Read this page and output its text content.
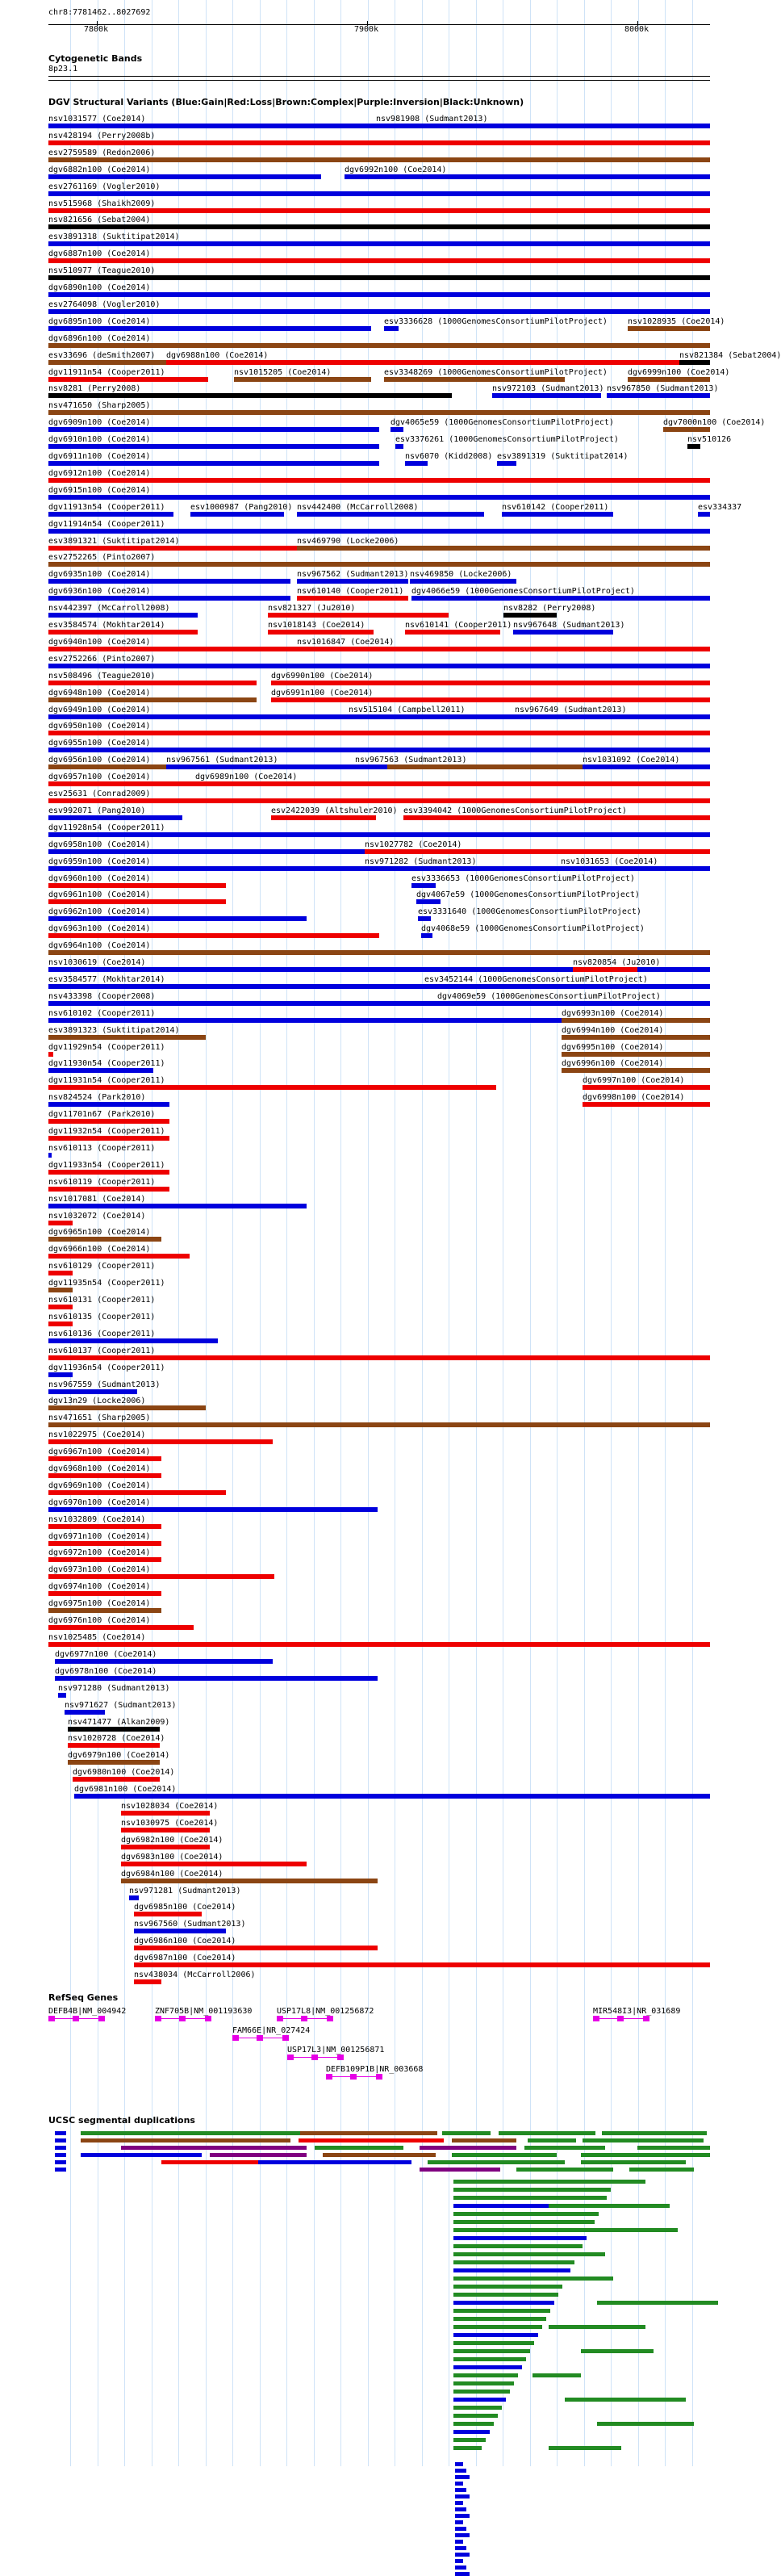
chr8:7781462..8027692
7800k	7900k	8000k
Cytogenetic Bands
8p23.1
DGV Structural Variants (Blue:Gain|Red:Loss|Brown:Complex|Purple:Inversion|Black:Unknown)
nsv1031577 (Coe2014)	nsv981908 (Sudmant2013)
nsv428194 (Perry2008b)
esv2759589 (Redon2006)
dgv6882n100 (Coe2014)	dgv6992n100 (Coe2014)
esv2761169 (Vogler2010)
nsv515968 (Shaikh2009)
nsv821656 (Sebat2004)
esv3891318 (Suktitipat2014)
dgv6887n100 (Coe2014)
nsv510977 (Teague2010)
dgv6890n100 (Coe2014)
esv2764098 (Vogler2010)
dgv6895n100 (Coe2014)	esv3336628 (1000GenomesConsortiumPilotProject)	nsv1028935 (Coe2014)
dgv6896n100 (Coe2014)
esv33696 (deSmith2007) dgv6988n100 (Coe2014)	nsv821384 (Sebat2004)
dgv11911n54 (Cooper2011)	nsv1015205 (Coe2014)	esv3348269 (1000GenomesConsortiumPilotProject)	dgv6999n100 (Coe2014)
nsv8281 (Perry2008)	nsv972103 (Sudmant2013) nsv967850 (Sudmant2013)
nsv471650 (Sharp2005)
dgv6909n100 (Coe2014)	dgv4065e59 (1000GenomesConsortiumPilotProject)	dgv7000n100 (Coe2014)
dgv6910n100 (Coe2014)	esv3376261 (1000GenomesConsortiumPilotProject)	nsv510126
dgv6911n100 (Coe2014)	nsv6070 (Kidd2008) esv3891319 (Suktitipat2014)
dgv6912n100 (Coe2014)
dgv6915n100 (Coe2014)
dgv11913n54 (Cooper2011)	esv1000987 (Pang2010) nsv442400 (McCarroll2008)	nsv610142 (Cooper2011)	esv334337
dgv11914n54 (Cooper2011)
esv3891321 (Suktitipat2014)	nsv469790 (Locke2006)
esv2752265 (Pinto2007)
dgv6935n100 (Coe2014)	nsv967562 (Sudmant2013) nsv469850 (Locke2006)
dgv6936n100 (Coe2014)	nsv610140 (Cooper2011) dgv4066e59 (1000GenomesConsortiumPilotProject)
nsv442397 (McCarroll2008)	nsv821327 (Ju2010)	nsv8282 (Perry2008)
esv3584574 (Mokhtar2014)	nsv1018143 (Coe2014)	nsv610141 (Cooper2011) nsv967648 (Sudmant2013)
dgv6940n100 (Coe2014)	nsv1016847 (Coe2014)
esv2752266 (Pinto2007)
nsv508496 (Teague2010)	dgv6990n100 (Coe2014)
dgv6948n100 (Coe2014)	dgv6991n100 (Coe2014)
dgv6949n100 (Coe2014)	nsv515104 (Campbell2011)	nsv967649 (Sudmant2013)
dgv6950n100 (Coe2014)
dgv6955n100 (Coe2014)
dgv6956n100 (Coe2014) nsv967561 (Sudmant2013)	nsv967563 (Sudmant2013)	nsv1031092 (Coe2014)
dgv6957n100 (Coe2014)	dgv6989n100 (Coe2014)
esv25631 (Conrad2009)
esv992071 (Pang2010)	esv2422039 (Altshuler2010) esv3394042 (1000GenomesConsortiumPilotProject)
dgv11928n54 (Cooper2011)
dgv6958n100 (Coe2014)	nsv1027782 (Coe2014)
dgv6959n100 (Coe2014)	nsv971282 (Sudmant2013)	nsv1031653 (Coe2014)
dgv6960n100 (Coe2014)	esv3336653 (1000GenomesConsortiumPilotProject)
dgv6961n100 (Coe2014)	dgv4067e59 (1000GenomesConsortiumPilotProject)
dgv6962n100 (Coe2014)	esv3331640 (1000GenomesConsortiumPilotProject)
dgv6963n100 (Coe2014)	dgv4068e59 (1000GenomesConsortiumPilotProject)
dgv6964n100 (Coe2014)
nsv1030619 (Coe2014)	nsv820854 (Ju2010)
esv3584577 (Mokhtar2014)	esv3452144 (1000GenomesConsortiumPilotProject)
nsv433398 (Cooper2008)	dgv4069e59 (1000GenomesConsortiumPilotProject)
nsv610102 (Cooper2011)	dgv6993n100 (Coe2014)
esv3891323 (Suktitipat2014)	dgv6994n100 (Coe2014)
dgv11929n54 (Cooper2011)	dgv6995n100 (Coe2014)
dgv11930n54 (Cooper2011)	dgv6996n100 (Coe2014)
dgv11931n54 (Cooper2011)	dgv6997n100 (Coe2014)
nsv824524 (Park2010)	dgv6998n100 (Coe2014)
dgv11701n67 (Park2010)
dgv11932n54 (Cooper2011)
nsv610113 (Cooper2011)
dgv11933n54 (Cooper2011)
nsv610119 (Cooper2011)
nsv1017081 (Coe2014)
nsv1032072 (Coe2014)
dgv6965n100 (Coe2014)
dgv6966n100 (Coe2014)
nsv610129 (Cooper2011)
dgv11935n54 (Cooper2011)
nsv610131 (Cooper2011)
nsv610135 (Cooper2011)
nsv610136 (Cooper2011)
nsv610137 (Cooper2011)
dgv11936n54 (Cooper2011)
nsv967559 (Sudmant2013)
dgv13n29 (Locke2006)
nsv471651 (Sharp2005)
nsv1022975 (Coe2014)
dgv6967n100 (Coe2014)
dgv6968n100 (Coe2014)
dgv6969n100 (Coe2014)
dgv6970n100 (Coe2014)
nsv1032809 (Coe2014)
dgv6971n100 (Coe2014)
dgv6972n100 (Coe2014)
dgv6973n100 (Coe2014)
dgv6974n100 (Coe2014)
dgv6975n100 (Coe2014)
dgv6976n100 (Coe2014)
nsv1025485 (Coe2014)
dgv6977n100 (Coe2014)
dgv6978n100 (Coe2014)
nsv971280 (Sudmant2013)
nsv971627 (Sudmant2013)
nsv471477 (Alkan2009)
nsv1020728 (Coe2014)
dgv6979n100 (Coe2014)
dgv6980n100 (Coe2014)
dgv6981n100 (Coe2014)
nsv1028034 (Coe2014)
nsv1030975 (Coe2014)
dgv6982n100 (Coe2014)
dgv6983n100 (Coe2014)
dgv6984n100 (Coe2014)
nsv971281 (Sudmant2013)
dgv6985n100 (Coe2014)
nsv967560 (Sudmant2013)
dgv6986n100 (Coe2014)
dgv6987n100 (Coe2014)
nsv438034 (McCarroll2006)
RefSeq Genes
DEFB4B|NM_004942	ZNF705B|NM_001193630	USP17L8|NM_001256872	MIR548I3|NR_031689
FAM66E|NR_027424
USP17L3|NM_001256871
DEFB109P1B|NR_003668
UCSC segmental duplications
